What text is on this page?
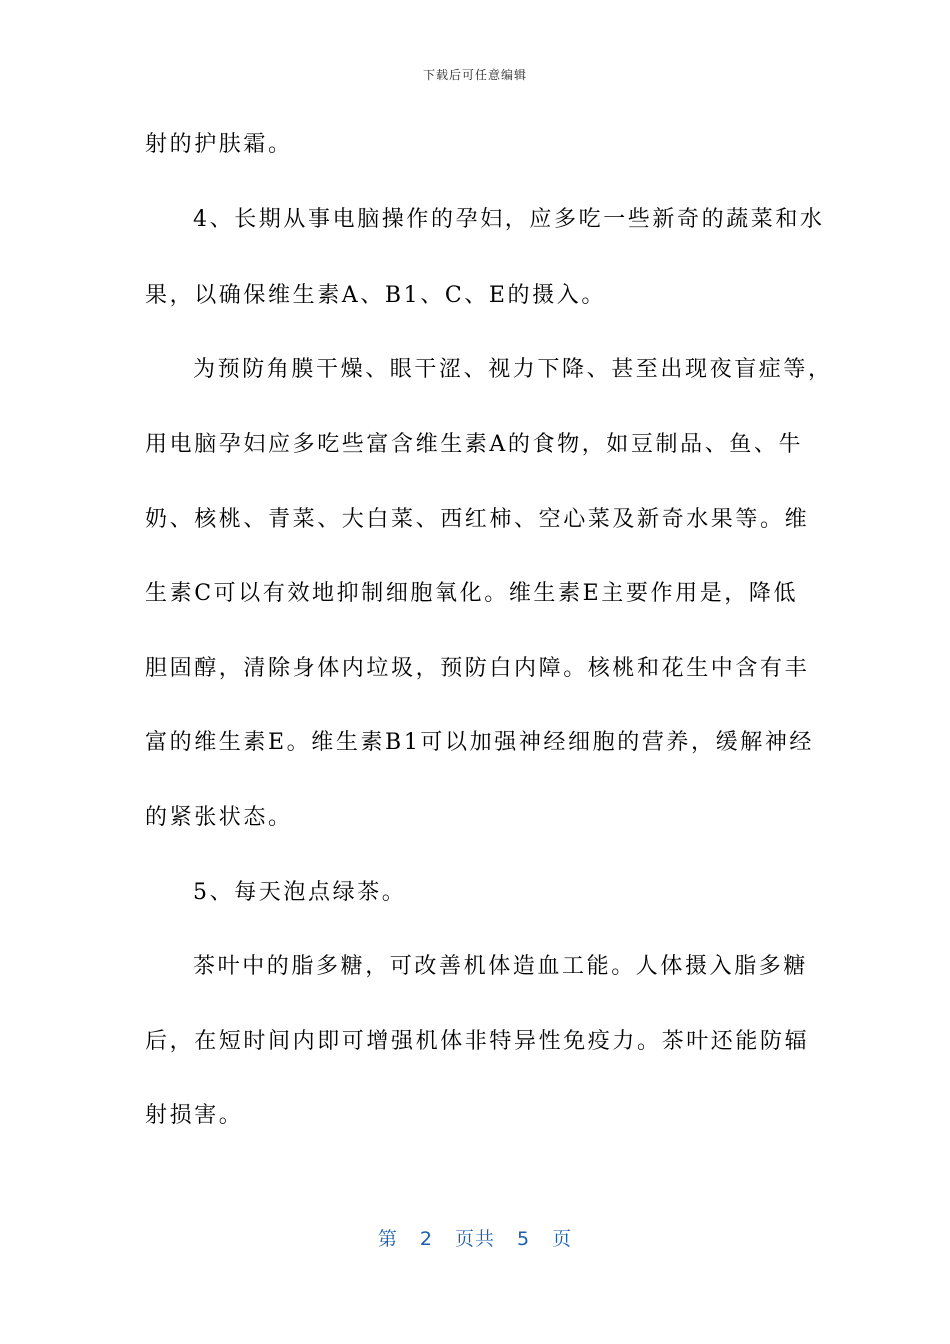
下载后可任意编辑
射的护肤霜。
4、长期从事电脑操作的孕妇，应多吃一些新奇的蔬菜和水
果，以确保维生素A、B1、C、E的摄入。
为预防角膜干燥、眼干涩、视力下降、甚至出现夜盲症等，
用电脑孕妇应多吃些富含维生素A的食物，如豆制品、鱼、牛
奶、核桃、青菜、大白菜、西红柿、空心菜及新奇水果等。维
生素C可以有效地抑制细胞氧化。维生素E主要作用是，降低
胆固醇，清除身体内垃圾，预防白内障。核桃和花生中含有丰
富的维生素E。维生素B1可以加强神经细胞的营养，缓解神经
的紧张状态。
5、每天泡点绿茶。
茶叶中的脂多糖，可改善机体造血工能。人体摄入脂多糖
后，在短时间内即可增强机体非特异性免疫力。茶叶还能防辐
射损害。
第 2 页共 5 页
